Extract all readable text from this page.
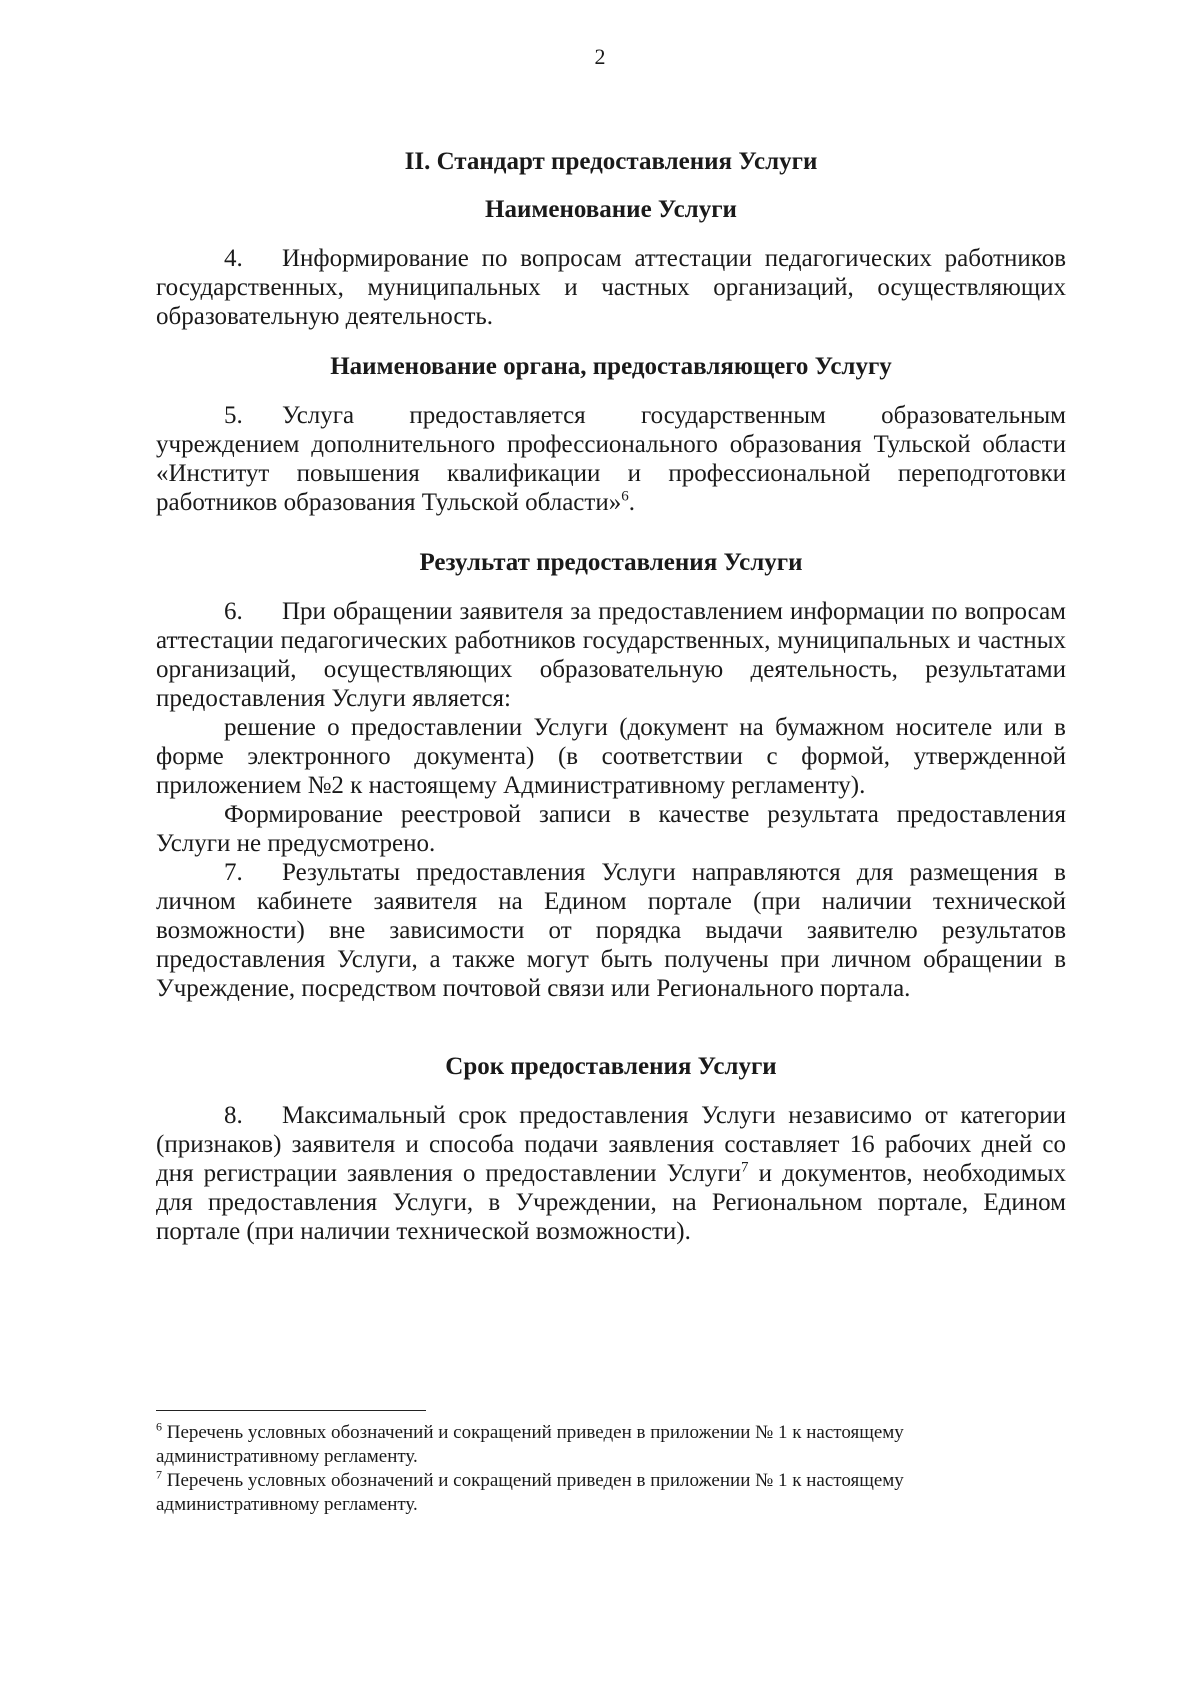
2
II. Стандарт предоставления Услуги
Наименование Услуги

4. Информирование по вопросам аттестации педагогических работников государственных, муниципальных и частных организаций, осуществляющих образовательную деятельность.

Наименование органа, предоставляющего Услугу

5. Услуга предоставляется государственным образовательным учреждением дополнительного профессионального образования Тульской области «Институт повышения квалификации и профессиональной переподготовки работников образования Тульской области»$^6$.

Результат предоставления Услуги

6. При обращении заявителя за предоставлением информации по вопросам аттестации педагогических работников государственных, муниципальных и частных организаций, осуществляющих образовательную деятельность, результатами предоставления Услуги является:

решение о предоставлении Услуги (документ на бумажном носителе или в форме электронного документа) (в соответствии с формой, утвержденной приложением №2 к настоящему Административному регламенту).

Формирование реестровой записи в качестве результата предоставления Услуги не предусмотрено.

7. Результаты предоставления Услуги направляются для размещения в личном кабинете заявителя на Едином портале (при наличии технической возможности) вне зависимости от порядка выдачи заявителю результатов предоставления Услуги, а также могут быть получены при личном обращении в Учреждение, посредством почтовой связи или Регионального портала.

Срок предоставления Услуги

8. Максимальный срок предоставления Услуги независимо от категории (признаков) заявителя и способа подачи заявления составляет 16 рабочих дней со дня регистрации заявления о предоставлении Услуги$^7$ и документов, необходимых для предоставления Услуги, в Учреждении, на Региональном портале, Едином портале (при наличии технической возможности).

$^6$ Перечень условных обозначений и сокращений приведен в приложении № 1 к настоящему административному регламенту.

$^7$ Перечень условных обозначений и сокращений приведен в приложении № 1 к настоящему административному регламенту.
